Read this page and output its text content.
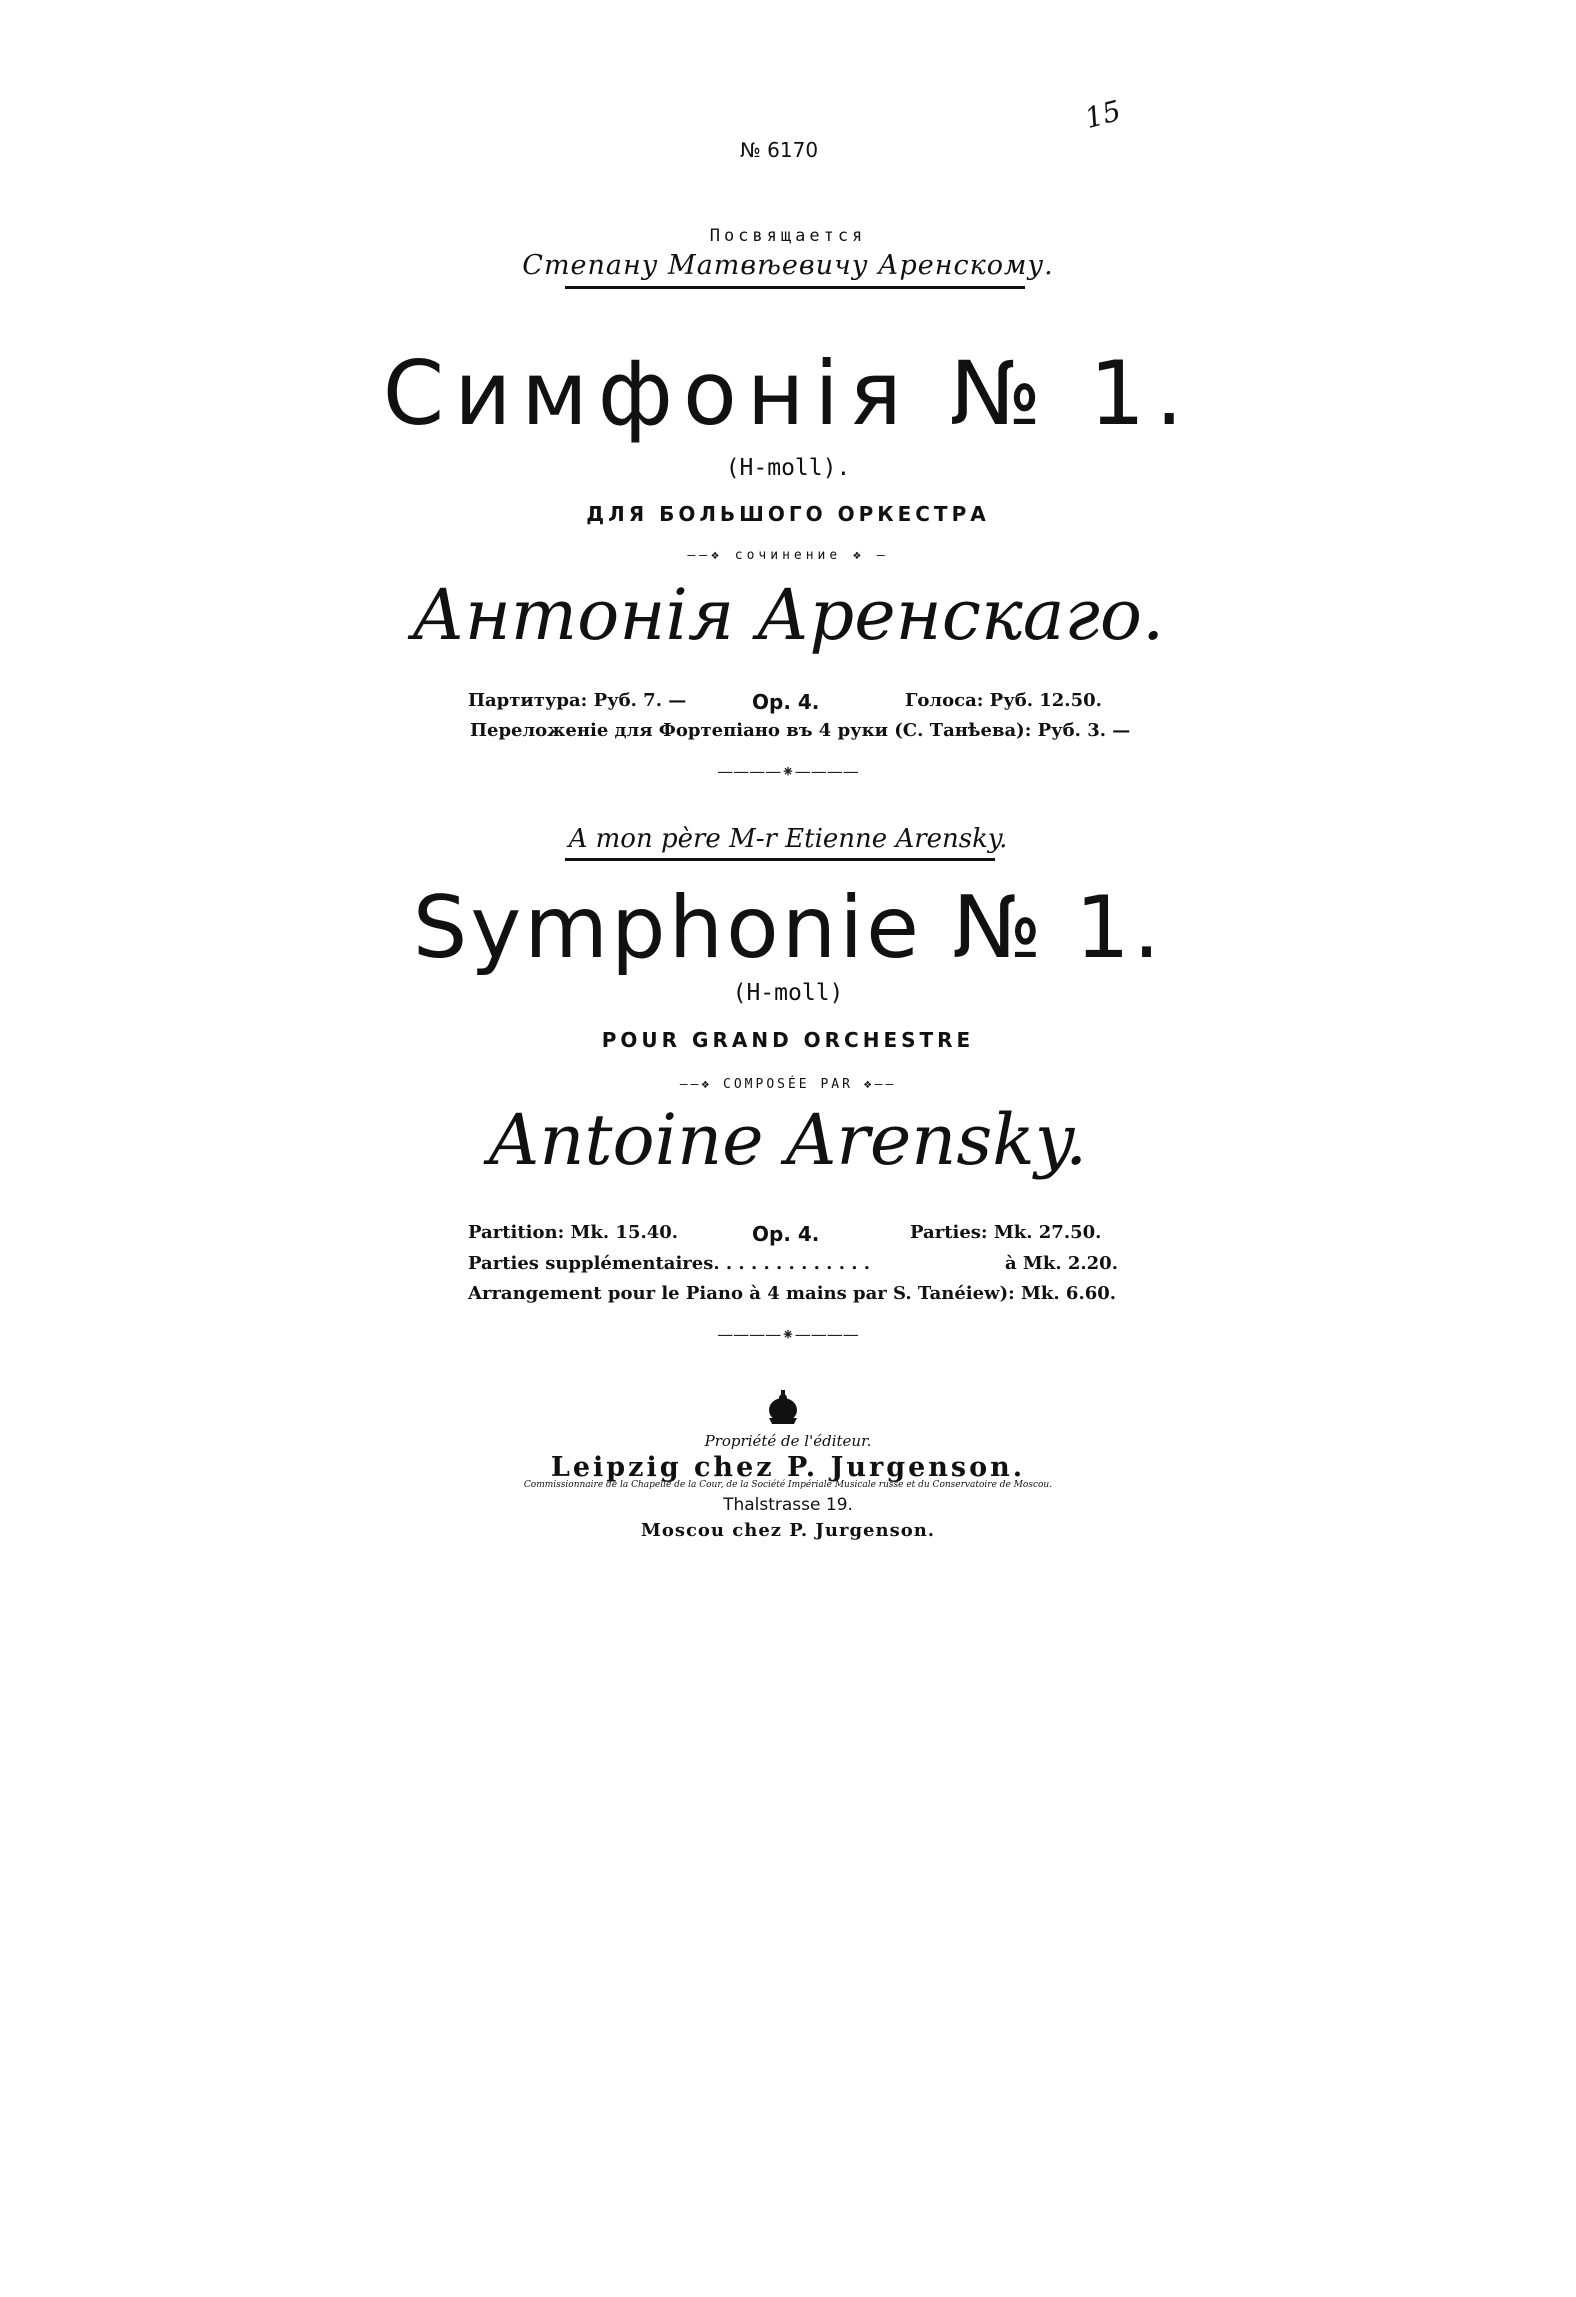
№ 6170
15
Посвящается
Степану Матвѣевичу Аренскому.
Симфонія № 1.
(H-moll).
ДЛЯ БОЛЬШОГО ОРКЕСТРА
——❖ сочинение ❖ —
Антонія Аренскаго.
Партитура: Руб. 7. —	Op. 4.	Голоса: Руб. 12.50.
Переложеніе для Фортепіано въ 4 руки (С. Танѣева): Руб. 3. —
————⁕————
A mon père M-r Etienne Arensky.
Symphonie № 1.
(H-moll)
POUR GRAND ORCHESTRE
——❖ COMPOSÉE PAR ❖——
Antoine Arensky.
Partition: Mk. 15.40.	Op. 4.	Parties: Mk. 27.50.
Parties supplémentaires. . . . . . . . . . . . .	à Mk. 2.20.
Arrangement pour le Piano à 4 mains par S. Tanéiew): Mk. 6.60.
————⁕————
Propriété de l'éditeur.
Leipzig chez P. Jurgenson.
Commissionnaire de la Chapelle de la Cour, de la Société Impériale Musicale russe et du Conservatoire de Moscou.
Thalstrasse 19.
Moscou chez P. Jurgenson.
